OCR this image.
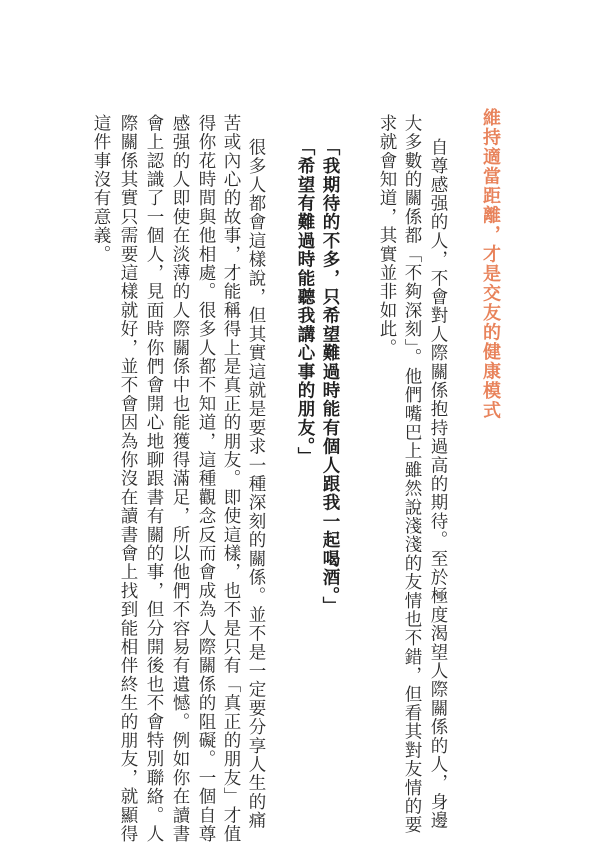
維持適當距離，才是交友的健康模式
自尊感强的人，不會對人際關係抱持過高的期待。至於極度渴望人際關係的人，身邊
大多數的關係都「不夠深刻」。他們嘴巴上雖然說淺淺的友情也不錯，但看其對友情的要
求就會知道，其實並非如此。
「我期待的不多，只希望難過時能有個人跟我一起喝酒。」
「希望有難過時能聽我講心事的朋友。」
很多人都會這樣說，但其實這就是要求一種深刻的關係。並不是一定要分享人生的痛
苦或內心的故事，才能稱得上是真正的朋友。即使這樣，也不是只有「真正的朋友」才值
得你花時間與他相處。很多人都不知道，這種觀念反而會成為人際關係的阻礙。一個自尊
感强的人即使在淡薄的人際關係中也能獲得滿足，所以他們不容易有遺憾。例如你在讀書
會上認識了一個人，見面時你們會開心地聊跟書有關的事，但分開後也不會特別聯絡。人
際關係其實只需要這樣就好，並不會因為你沒在讀書會上找到能相伴終生的朋友，就顯得
這件事沒有意義。
